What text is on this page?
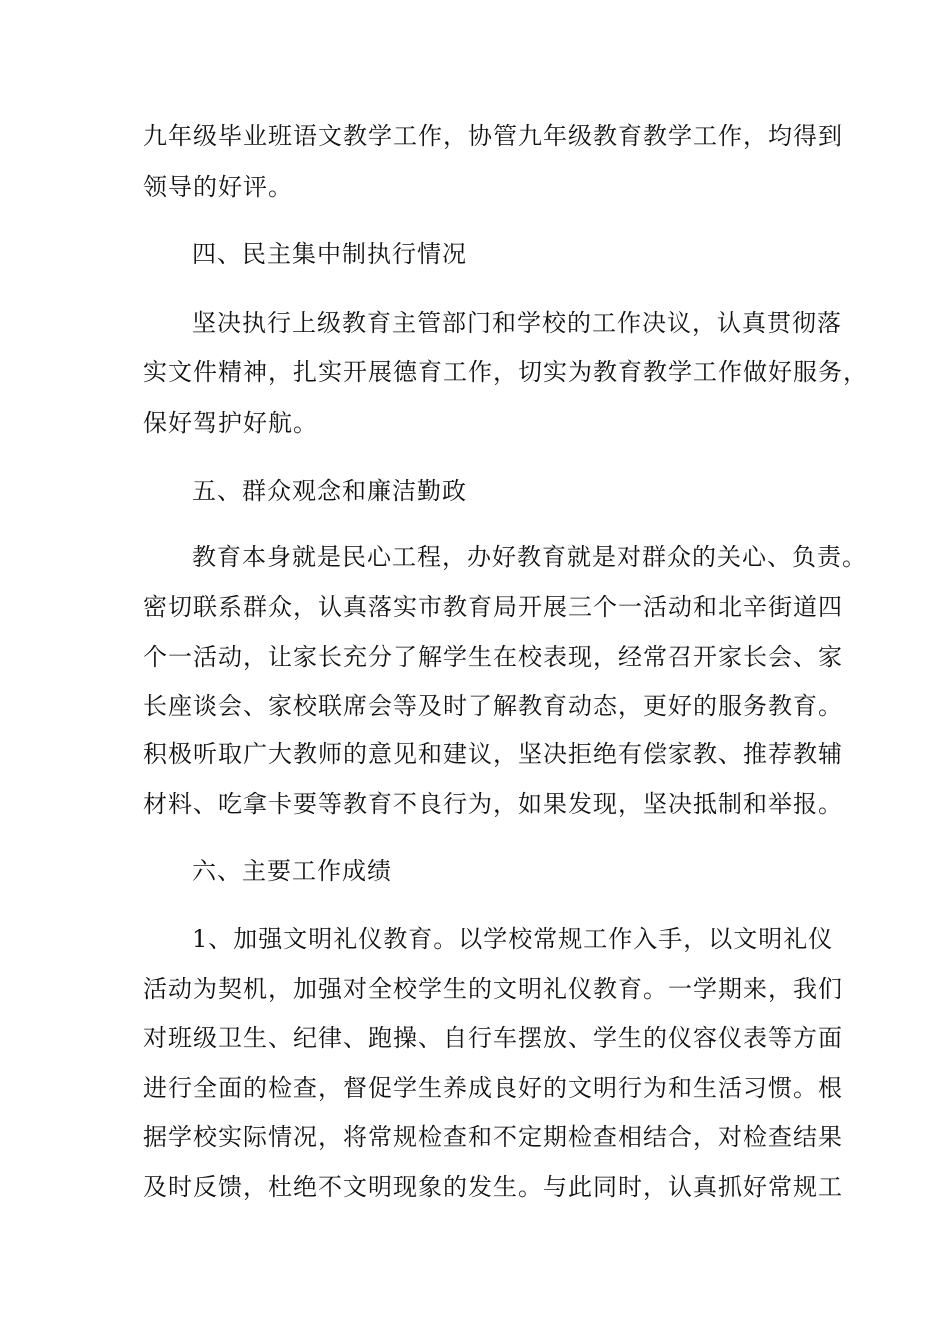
九年级毕业班语文教学工作，协管九年级教育教学工作，均得到
领导的好评。
四、民主集中制执行情况
坚决执行上级教育主管部门和学校的工作决议，认真贯彻落
实文件精神，扎实开展德育工作，切实为教育教学工作做好服务，
保好驾护好航。
五、群众观念和廉洁勤政
教育本身就是民心工程，办好教育就是对群众的关心、负责。
密切联系群众，认真落实市教育局开展三个一活动和北辛街道四
个一活动，让家长充分了解学生在校表现，经常召开家长会、家
长座谈会、家校联席会等及时了解教育动态，更好的服务教育。
积极听取广大教师的意见和建议，坚决拒绝有偿家教、推荐教辅
材料、吃拿卡要等教育不良行为，如果发现，坚决抵制和举报。
六、主要工作成绩
1、加强文明礼仪教育。以学校常规工作入手，以文明礼仪
活动为契机，加强对全校学生的文明礼仪教育。一学期来，我们
对班级卫生、纪律、跑操、自行车摆放、学生的仪容仪表等方面
进行全面的检查，督促学生养成良好的文明行为和生活习惯。根
据学校实际情况，将常规检查和不定期检查相结合，对检查结果
及时反馈，杜绝不文明现象的发生。与此同时，认真抓好常规工
